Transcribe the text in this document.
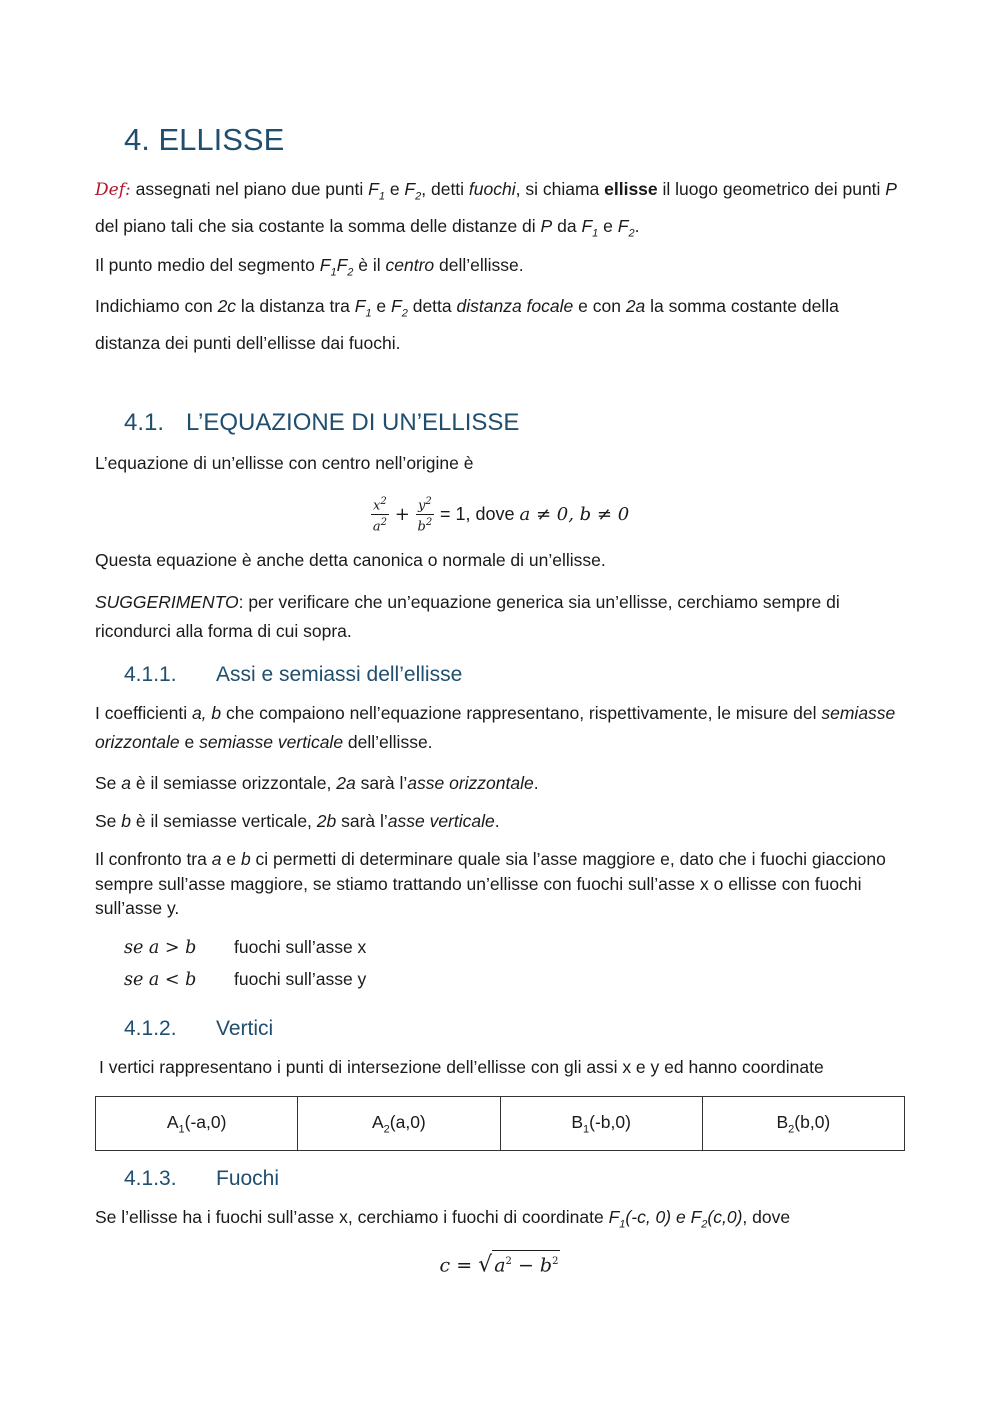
4. ELLISSE
Def: assegnati nel piano due punti $F_1$ e $F_2$, detti fuochi, si chiama ellisse il luogo geometrico dei punti P del piano tali che sia costante la somma delle distanze di P da $F_1$ e $F_2$.
Il punto medio del segmento $F_1F_2$ è il centro dell’ellisse.
Indichiamo con 2c la distanza tra $F_1$ e $F_2$ detta distanza focale e con 2a la somma costante della distanza dei punti dell’ellisse dai fuochi.
4.1. L’EQUAZIONE DI UN’ELLISSE
L’equazione di un’ellisse con centro nell’origine è
$\frac{x^2}{a^2} + \frac{y^2}{b^2} = 1$, dove a ≠ 0, b ≠ 0
Questa equazione è anche detta canonica o normale di un’ellisse.
SUGGERIMENTO: per verificare che un’equazione generica sia un’ellisse, cerchiamo sempre di ricondurci alla forma di cui sopra.
4.1.1. Assi e semiassi dell’ellisse
I coefficienti a, b che compaiono nell’equazione rappresentano, rispettivamente, le misure del semiasse orizzontale e semiasse verticale dell’ellisse.
Se a è il semiasse orizzontale, 2a sarà l’asse orizzontale.
Se b è il semiasse verticale, 2b sarà l’asse verticale.
Il confronto tra a e b ci permetti di determinare quale sia l’asse maggiore e, dato che i fuochi giacciono sempre sull’asse maggiore, se stiamo trattando un’ellisse con fuochi sull’asse x o ellisse con fuochi sull’asse y.
se a > b fuochi sull’asse x
se a < b fuochi sull’asse y
4.1.2. Vertici
I vertici rappresentano i punti di intersezione dell’ellisse con gli assi x e y ed hanno coordinate
$A_1(-a,0)$	$A_2(a,0)$	$B_1(-b,0)$	$B_2(b,0)$
4.1.3. Fuochi
Se l’ellisse ha i fuochi sull’asse x, cerchiamo i fuochi di coordinate $F_1(-c$, 0) e $F_2(c,0)$, dove
c = √ $a^2 - b^2$
